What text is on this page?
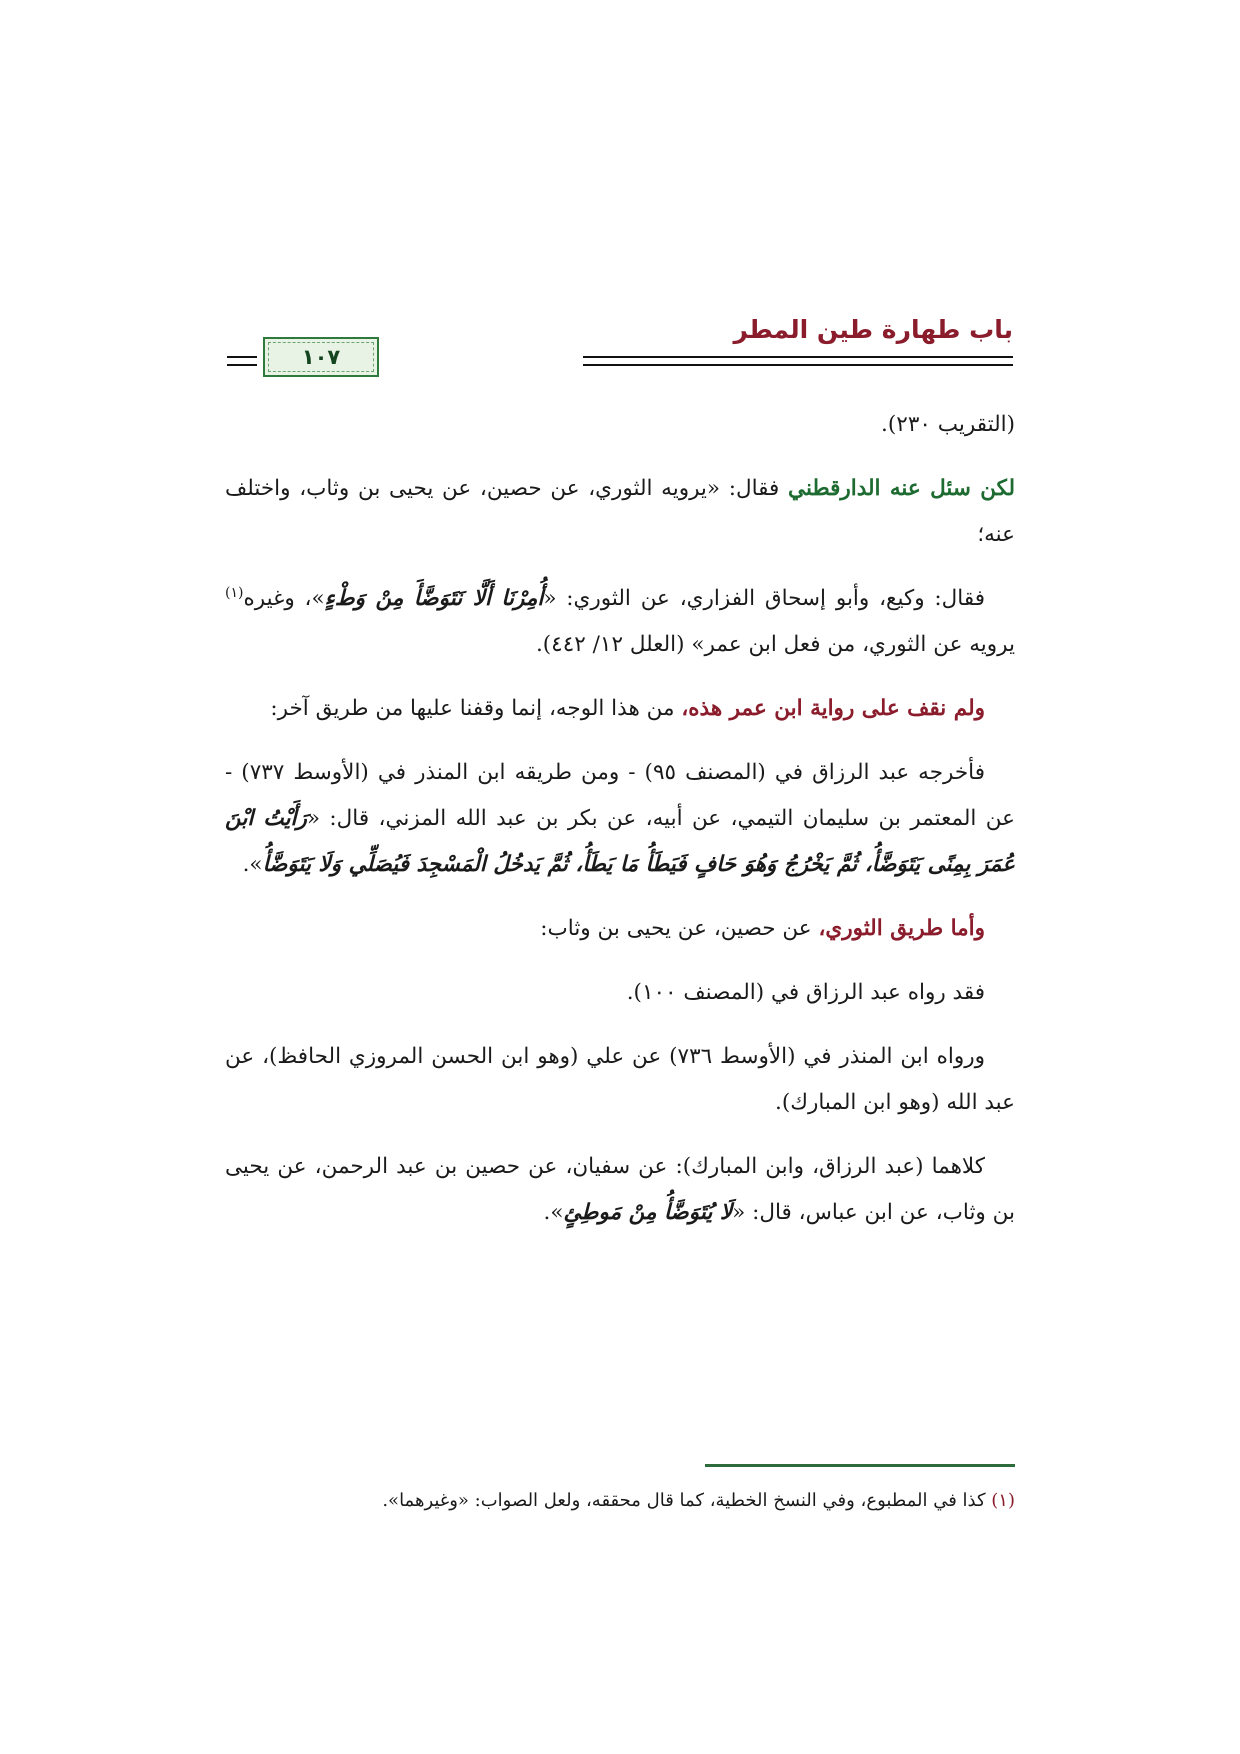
باب طهارة طين المطر
١٠٧

(التقريب ٢٣٠).

لكن سئل عنه الدارقطني فقال: «يرويه الثوري، عن حصين، عن يحيى بن وثاب، واختلف عنه؛

فقال: وكيع، وأبو إسحاق الفزاري، عن الثوري: «أُمِرْنَا أَلَّا نَتَوَضَّأَ مِنْ وَطْءٍ»، وغيره$^{(١)}$ يرويه عن الثوري، من فعل ابن عمر» (العلل ١٢/ ٤٤٢).

ولم نقف على رواية ابن عمر هذه، من هذا الوجه، إنما وقفنا عليها من طريق آخر:

فأخرجه عبد الرزاق في (المصنف ٩٥) - ومن طريقه ابن المنذر في (الأوسط ٧٣٧) - عن المعتمر بن سليمان التيمي، عن أبيه، عن بكر بن عبد الله المزني، قال: «رَأَيْتُ ابْنَ عُمَرَ بِمِنًى يَتَوَضَّأُ، ثُمَّ يَخْرُجُ وَهُوَ حَافٍ فَيَطَأُ مَا يَطَأُ، ثُمَّ يَدخُلُ الْمَسْجِدَ فَيُصَلِّي وَلَا يَتَوَضَّأُ».

وأما طريق الثوري، عن حصين، عن يحيى بن وثاب:

فقد رواه عبد الرزاق في (المصنف ١٠٠).

ورواه ابن المنذر في (الأوسط ٧٣٦) عن علي (وهو ابن الحسن المروزي الحافظ)، عن عبد الله (وهو ابن المبارك).

كلاهما (عبد الرزاق، وابن المبارك): عن سفيان، عن حصين بن عبد الرحمن، عن يحيى بن وثاب، عن ابن عباس، قال: «لَا يُتَوَضَّأُ مِنْ مَوطِئٍ».

(١) كذا في المطبوع، وفي النسخ الخطية، كما قال محققه، ولعل الصواب: «وغيرهما».
